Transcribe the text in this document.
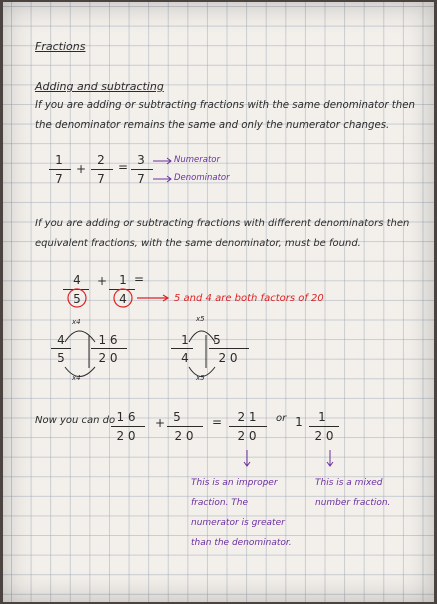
Fractions
Adding and subtracting
If you are adding or subtracting fractions with the same denominator then
the denominator remains the same and only the numerator changes.
1
7
+
2
7
= 3
7
Numerator
Denominator
If you are adding or subtracting fractions with different denominators then
equivalent fractions, with the same denominator, must be found.
4
5
+	1
4
=
5 and 4 are both factors of 20
x4
4
5
1 6
2 0
x4
x5
1
4
5
2 0
x5
Now you can do 1 6
2 0
+ 5
2 0
=	2 1
2 0
or 1	1
2 0
This is an improper
fraction. The
numerator is greater
than the denominator.
This is a mixed
number fraction.
